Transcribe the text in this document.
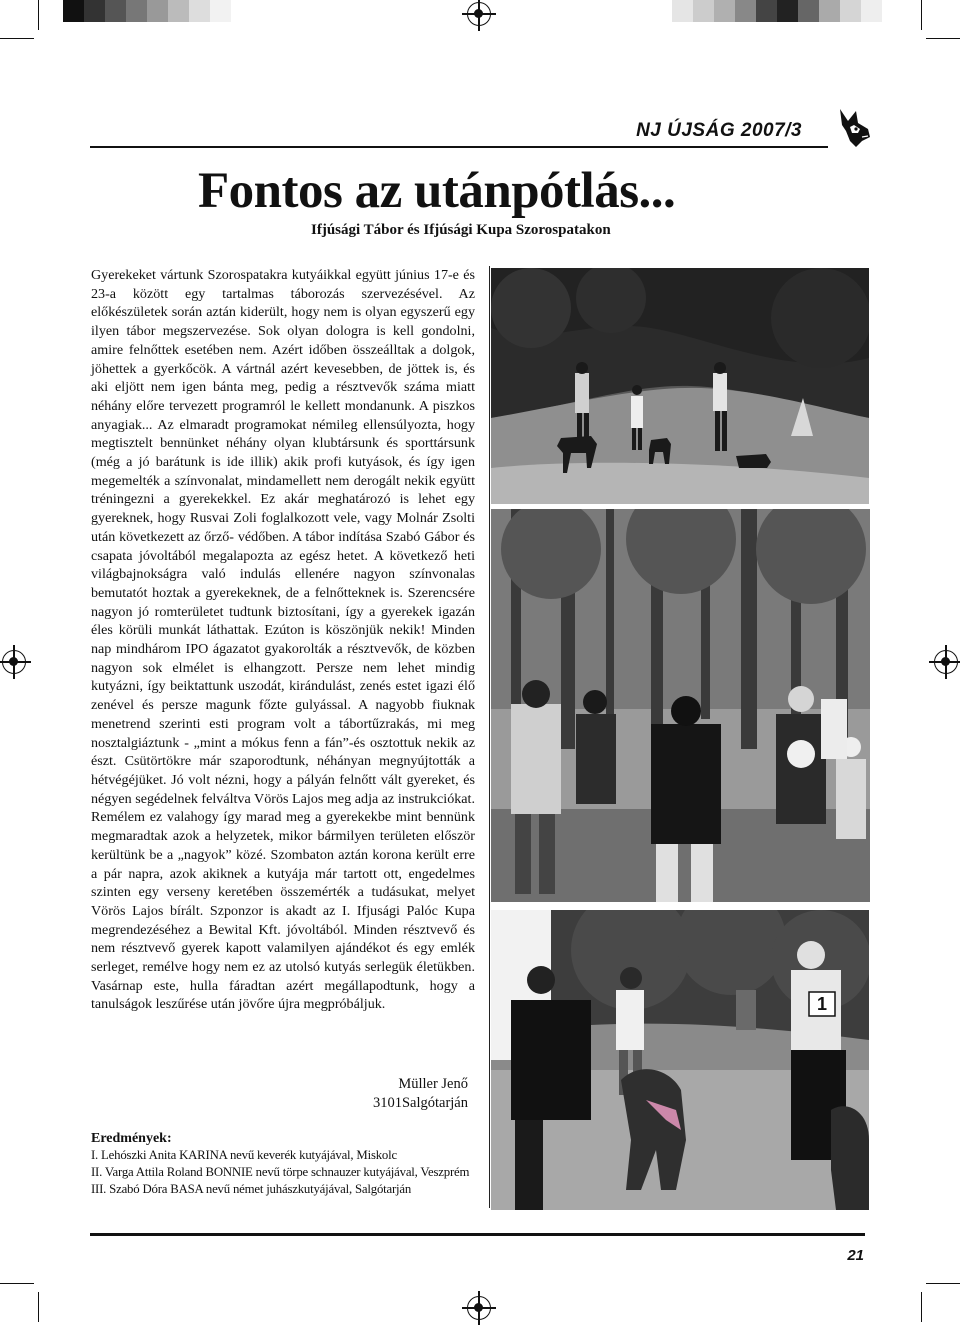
NJ ÚJSÁG 2007/3
Fontos az utánpótlás...
Ifjúsági Tábor és Ifjúsági Kupa Szorospatakon

Gyerekeket vártunk Szorospatakra kutyáikkal együtt június 17-e és 23-a között egy tartalmas táborozás szervezésével. Az előkészületek során aztán kiderült, hogy nem is olyan egyszerű egy ilyen tábor megszervezése. Sok olyan dologra is kell gondolni, amire felnőttek esetében nem. Azért időben összeálltak a dolgok, jöhettek a gyerkőcök. A vártnál azért kevesebben, de jöttek is, és aki eljött nem igen bánta meg, pedig a résztvevők száma miatt néhány előre tervezett programról le kellett mondanunk. A piszkos anyagiak... Az elmaradt programokat némileg ellensúlyozta, hogy megtisztelt bennünket néhány olyan klubtársunk és sporttársunk (még a jó barátunk is ide illik) akik profi kutyások, és így igen megemelték a színvonalat, mindamellett nem derogált nekik együtt tréningezni a gyerekekkel. Ez akár meghatározó is lehet egy gyereknek, hogy Rusvai Zoli foglalkozott vele, vagy Molnár Zsolti után következett az őrző- védőben. A tábor indítása Szabó Gábor és csapata jóvoltából megalapozta az egész hetet. A következő heti világbajnokságra való indulás ellenére nagyon színvonalas bemutatót hoztak a gyerekeknek, de a felnőtteknek is. Szerencsére nagyon jó romterületet tudtunk biztosítani, így a gyerekek igazán éles körüli munkát láthattak. Ezúton is köszönjük nekik! Minden nap mindhárom IPO ágazatot gyakorolták a résztvevők, de közben nagyon sok elmélet is elhangzott. Persze nem lehet mindig kutyázni, így beiktattunk uszodát, kirándulást, zenés estet igazi élő zenével és persze magunk főzte gulyással. A nagyobb fiuknak menetrend szerinti esti program volt a tábortűzrakás, mi meg nosztalgiáztunk - „mint a mókus fenn a fán”-és osztottuk nekik az észt. Csütörtökre már szaporodtunk, néhányan megnyújtották a hétvégéjüket. Jó volt nézni, hogy a pályán felnőtt vált gyereket, és négyen segédelnek felváltva Vörös Lajos meg adja az instrukciókat. Remélem ez valahogy így marad meg a gyerekekbe mint bennünk megmaradtak azok a helyzetek, mikor bármilyen területen először kerültünk be a „nagyok” közé. Szombaton aztán korona került erre a pár napra, azok akiknek a kutyája már tartott ott, engedelmes szinten egy verseny keretében összemérték a tudásukat, melyet Vörös Lajos bírált. Szponzor is akadt az I. Ifjusági Palóc Kupa megrendezéséhez a Bewital Kft. jóvoltából. Minden résztvevő és nem résztvevő gyerek kapott valamilyen ajándékot és egy emlék serleget, remélve hogy nem ez az utolsó kutyás serlegük életükben. Vasárnap este, hulla fáradtan azért megállapodtunk, hogy a tanulságok leszűrése után jövőre újra megpróbáljuk.

Müller Jenő
3101Salgótarján
Eredmények:
I. Lehószki Anita KARINA nevű keverék kutyájával, Miskolc
II. Varga Attila Roland BONNIE nevű törpe schnauzer kutyájával, Veszprém
III. Szabó Dóra BASA nevű német juhászkutyájával, Salgótarján
1
21
